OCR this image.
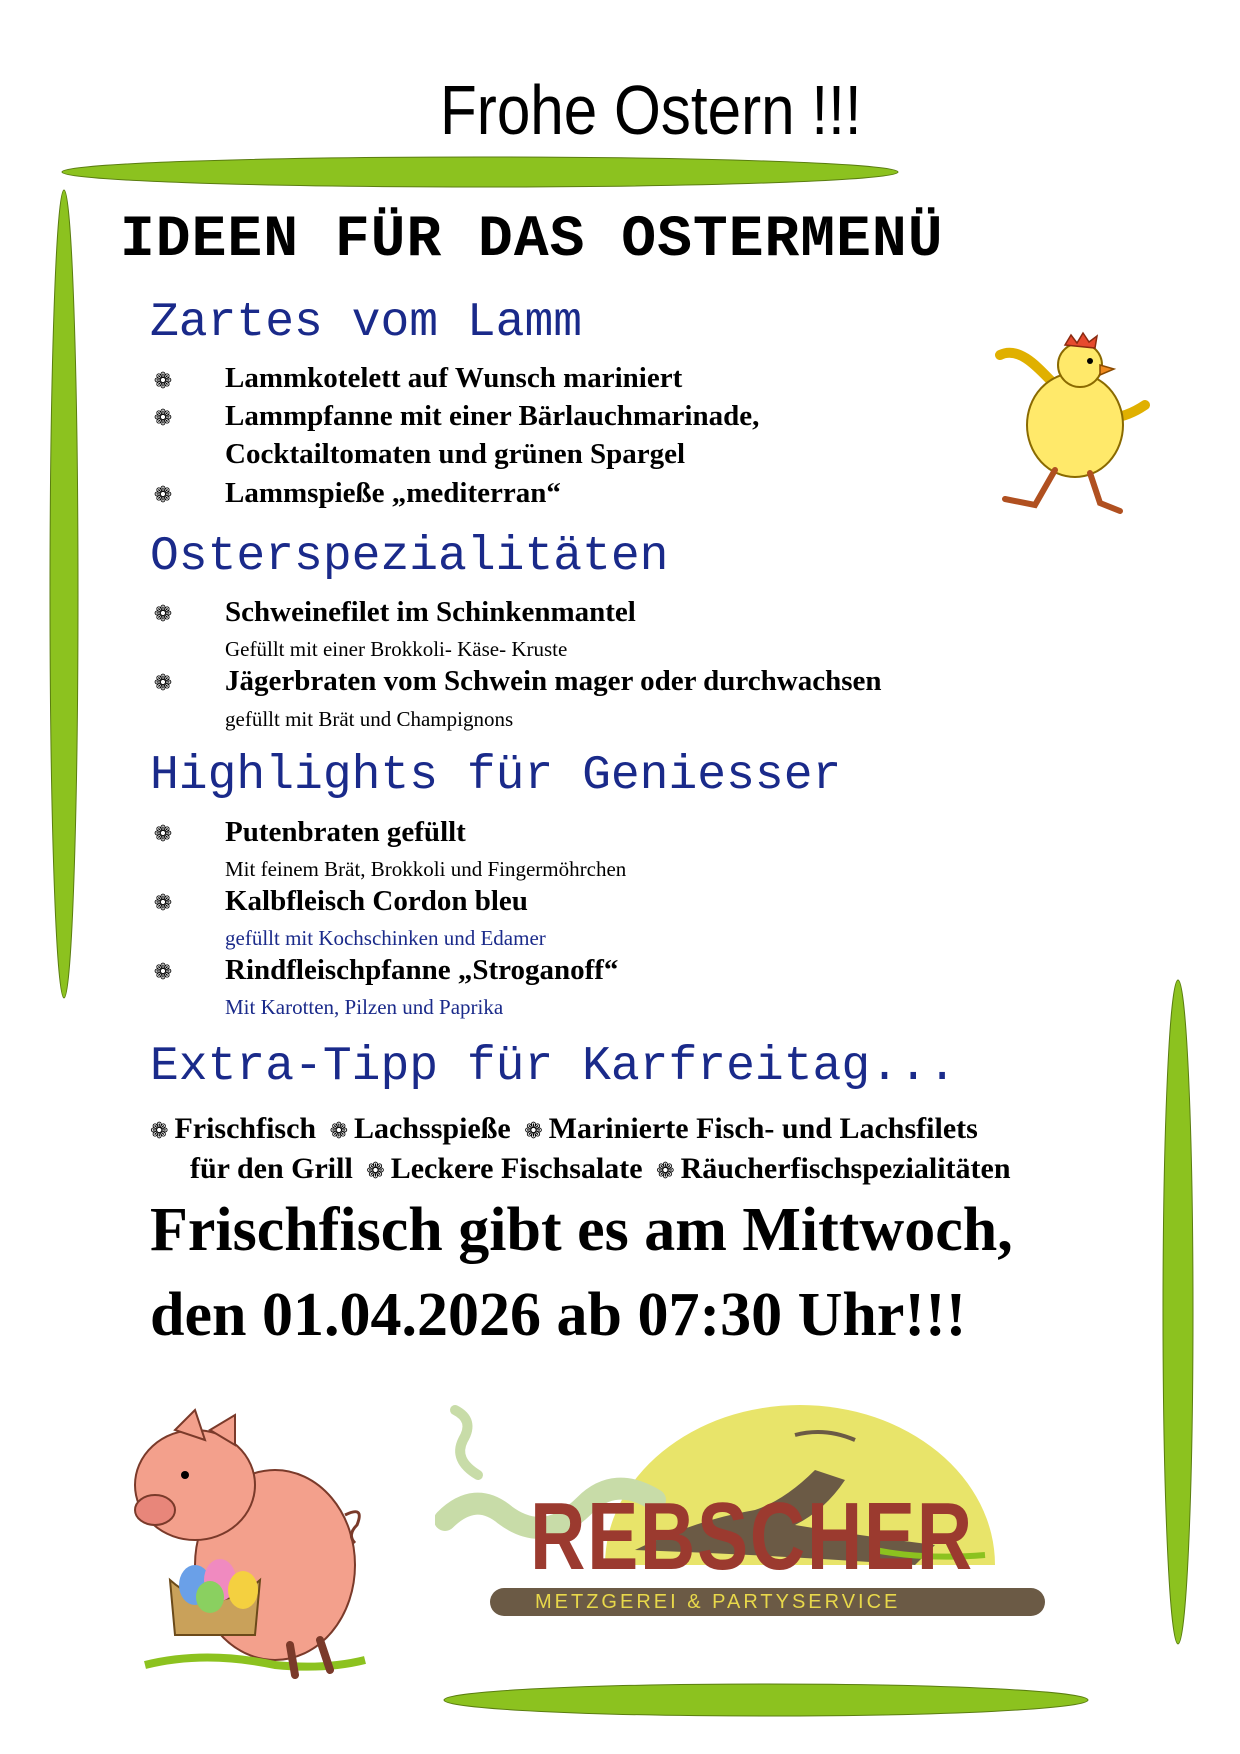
Frohe Ostern !!!
IDEEN FÜR DAS OSTERMENÜ
Zartes vom Lamm
❁ Lammkotelett auf Wunsch mariniert
❁ Lammpfanne mit einer Bärlauchmarinade,
Cocktailtomaten und grünen Spargel
❁ Lammspieße „mediterran“
Osterspezialitäten
❁ Schweinefilet im Schinkenmantel
Gefüllt mit einer Brokkoli- Käse- Kruste
❁ Jägerbraten vom Schwein mager oder durchwachsen
gefüllt mit Brät und Champignons
Highlights für Geniesser
❁ Putenbraten gefüllt
Mit feinem Brät, Brokkoli und Fingermöhrchen
❁ Kalbfleisch Cordon bleu
gefüllt mit Kochschinken und Edamer
❁ Rindfleischpfanne „Stroganoff“
Mit Karotten, Pilzen und Paprika
Extra-Tipp für Karfreitag...
❁ Frischfisch ❁ Lachsspieße ❁ Marinierte Fisch- und Lachsfilets
für den Grill ❁ Leckere Fischsalate ❁ Räucherfischspezialitäten
Frischfisch gibt es am Mittwoch,
den 01.04.2026 ab 07:30 Uhr!!!
REBSCHER
METZGEREI & PARTYSERVICE
